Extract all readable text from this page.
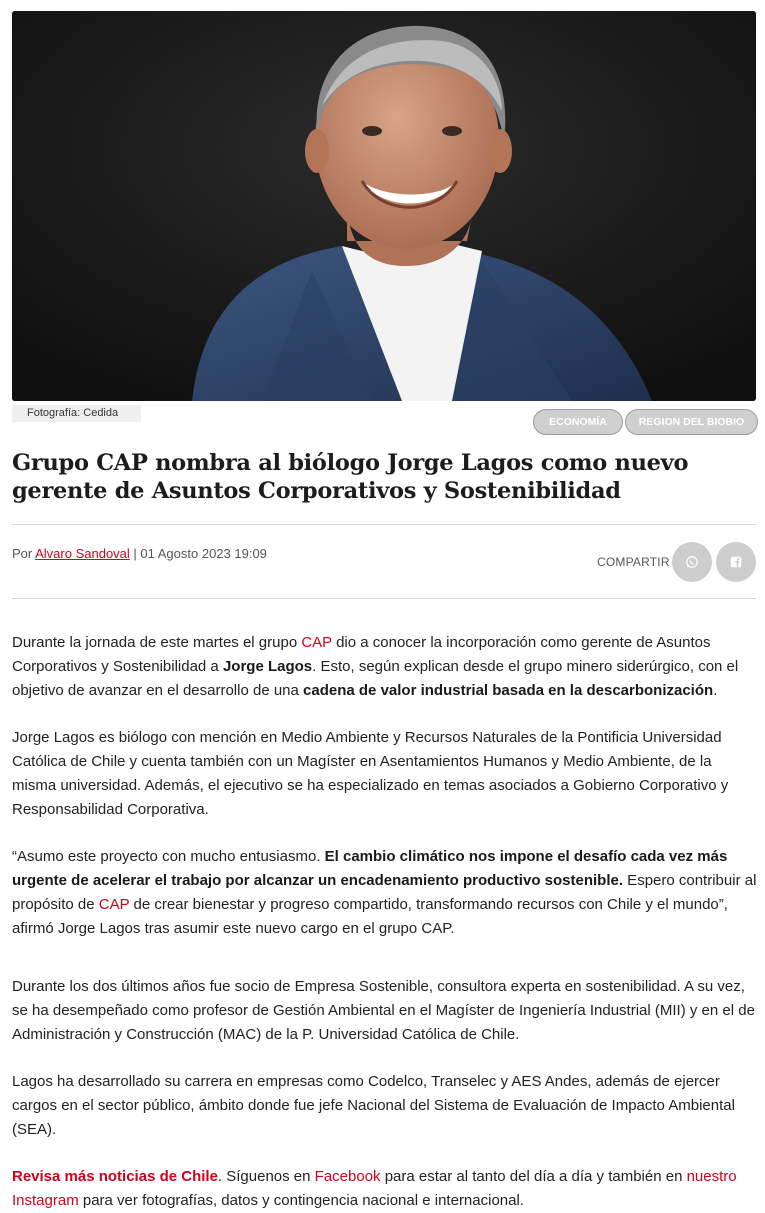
Fotografía: Cedida
ECONOMÍA	REGION DEL BIOBIO
Grupo CAP nombra al biólogo Jorge Lagos como nuevo gerente de Asuntos Corporativos y Sostenibilidad
Por Alvaro Sandoval | 01 Agosto 2023 19:09
COMPARTIR

Durante la jornada de este martes el grupo CAP dio a conocer la incorporación como gerente de Asuntos Corporativos y Sostenibilidad a Jorge Lagos. Esto, según explican desde el grupo minero siderúrgico, con el objetivo de avanzar en el desarrollo de una cadena de valor industrial basada en la descarbonización.

Jorge Lagos es biólogo con mención en Medio Ambiente y Recursos Naturales de la Pontificia Universidad Católica de Chile y cuenta también con un Magíster en Asentamientos Humanos y Medio Ambiente, de la misma universidad. Además, el ejecutivo se ha especializado en temas asociados a Gobierno Corporativo y Responsabilidad Corporativa.

“Asumo este proyecto con mucho entusiasmo. El cambio climático nos impone el desafío cada vez más urgente de acelerar el trabajo por alcanzar un encadenamiento productivo sostenible. Espero contribuir al propósito de CAP de crear bienestar y progreso compartido, transformando recursos con Chile y el mundo”, afirmó Jorge Lagos tras asumir este nuevo cargo en el grupo CAP.

Durante los dos últimos años fue socio de Empresa Sostenible, consultora experta en sostenibilidad. A su vez, se ha desempeñado como profesor de Gestión Ambiental en el Magíster de Ingeniería Industrial (MII) y en el de Administración y Construcción (MAC) de la P. Universidad Católica de Chile.

Lagos ha desarrollado su carrera en empresas como Codelco, Transelec y AES Andes, además de ejercer cargos en el sector público, ámbito donde fue jefe Nacional del Sistema de Evaluación de Impacto Ambiental (SEA).

Revisa más noticias de Chile. Síguenos en Facebook para estar al tanto del día a día y también en nuestro Instagram para ver fotografías, datos y contingencia nacional e internacional.
